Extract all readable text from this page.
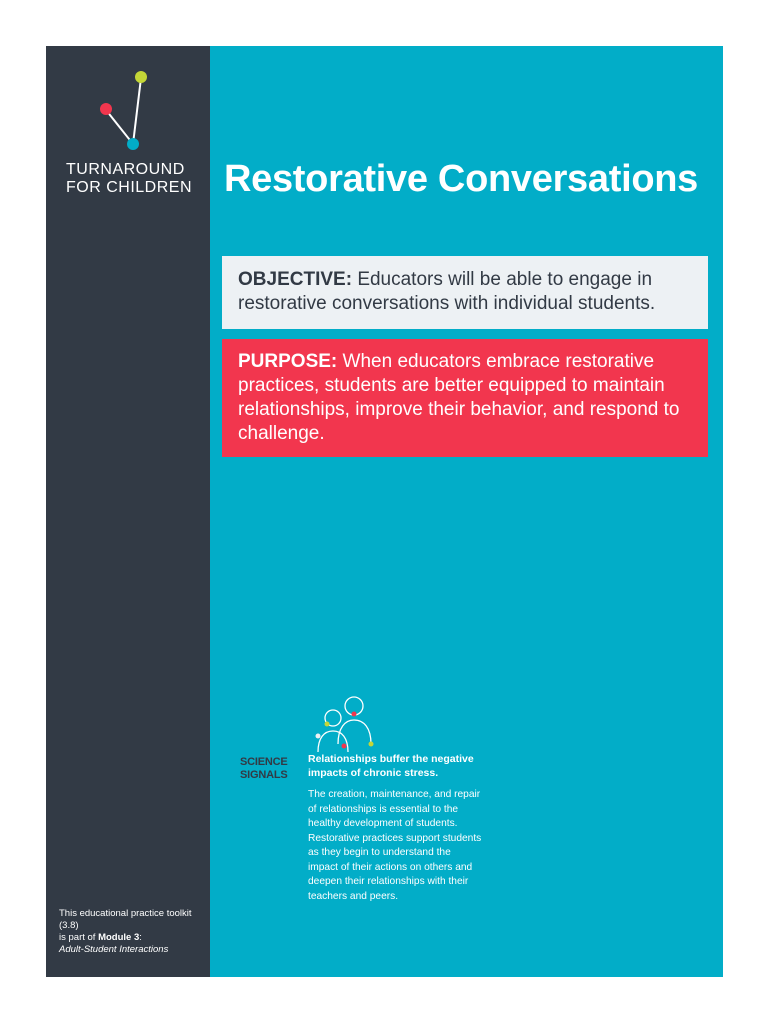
TURNAROUND
FOR CHILDREN
This educational practice toolkit (3.8)
is part of Module 3:
Adult-Student Interactions
Restorative Conversations
OBJECTIVE: Educators will be able to engage in restorative conversations with individual students.
PURPOSE: When educators embrace restorative practices, students are better equipped to maintain relationships, improve their behavior, and respond to challenge.
SCIENCE
SIGNALS
Relationships buffer the negative impacts of chronic stress.
The creation, maintenance, and repair of relationships is essential to the healthy development of students. Restorative practices support students as they begin to understand the impact of their actions on others and deepen their relationships with their teachers and peers.
